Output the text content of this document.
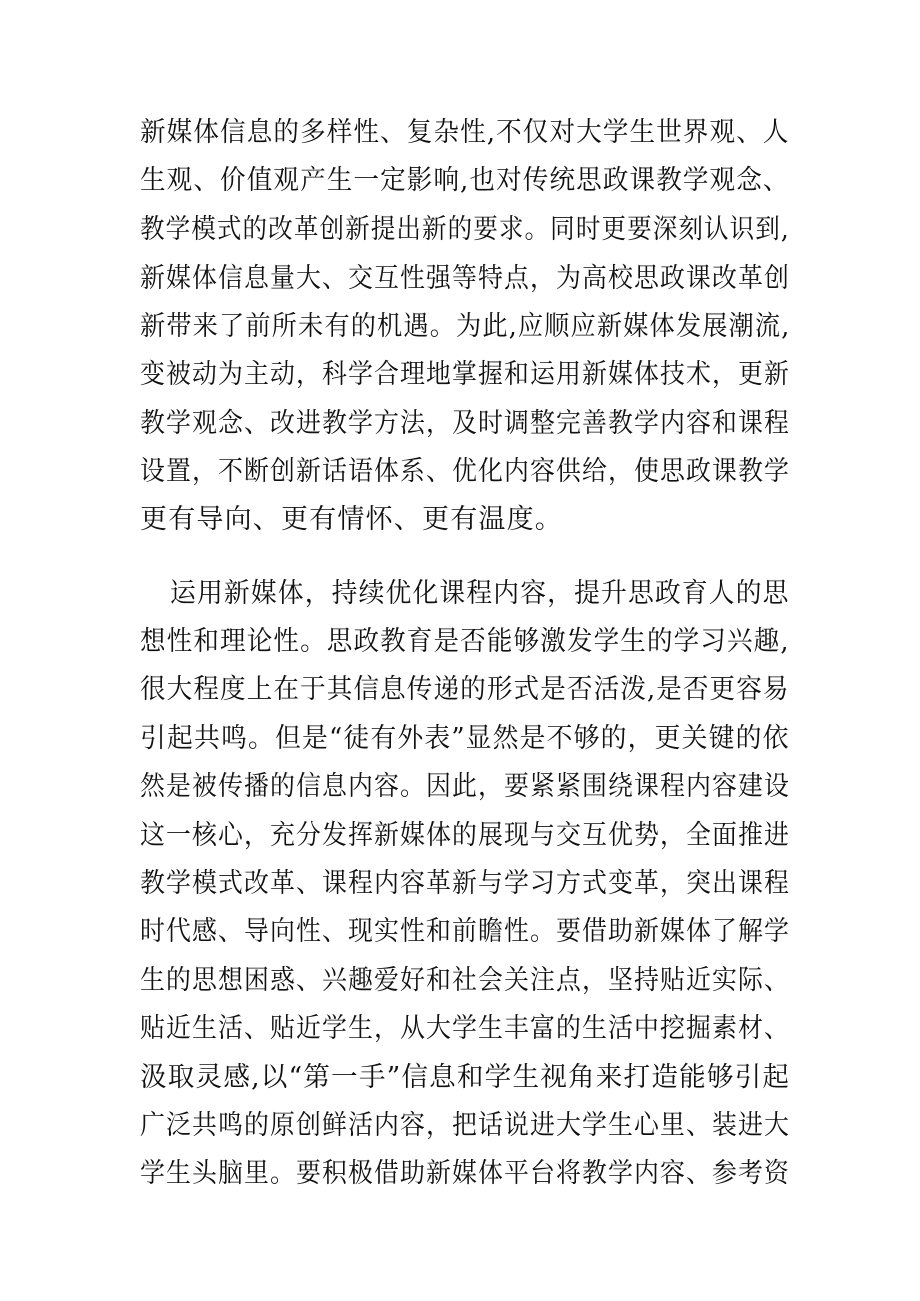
新媒体信息的多样性、复杂性,不仅对大学生世界观、人
生观、价值观产生一定影响,也对传统思政课教学观念、
教学模式的改革创新提出新的要求。同时更要深刻认识到,
新媒体信息量大、交互性强等特点，为高校思政课改革创
新带来了前所未有的机遇。为此,应顺应新媒体发展潮流,
变被动为主动，科学合理地掌握和运用新媒体技术，更新
教学观念、改进教学方法，及时调整完善教学内容和课程
设置，不断创新话语体系、优化内容供给，使思政课教学
更有导向、更有情怀、更有温度。
运用新媒体，持续优化课程内容，提升思政育人的思
想性和理论性。思政教育是否能够激发学生的学习兴趣,
很大程度上在于其信息传递的形式是否活泼,是否更容易
引起共鸣。但是“徒有外表”显然是不够的，更关键的依
然是被传播的信息内容。因此，要紧紧围绕课程内容建设
这一核心，充分发挥新媒体的展现与交互优势，全面推进
教学模式改革、课程内容革新与学习方式变革，突出课程
时代感、导向性、现实性和前瞻性。要借助新媒体了解学
生的思想困惑、兴趣爱好和社会关注点，坚持贴近实际、
贴近生活、贴近学生，从大学生丰富的生活中挖掘素材、
汲取灵感,以“第一手”信息和学生视角来打造能够引起
广泛共鸣的原创鲜活内容，把话说进大学生心里、装进大
学生头脑里。要积极借助新媒体平台将教学内容、参考资
